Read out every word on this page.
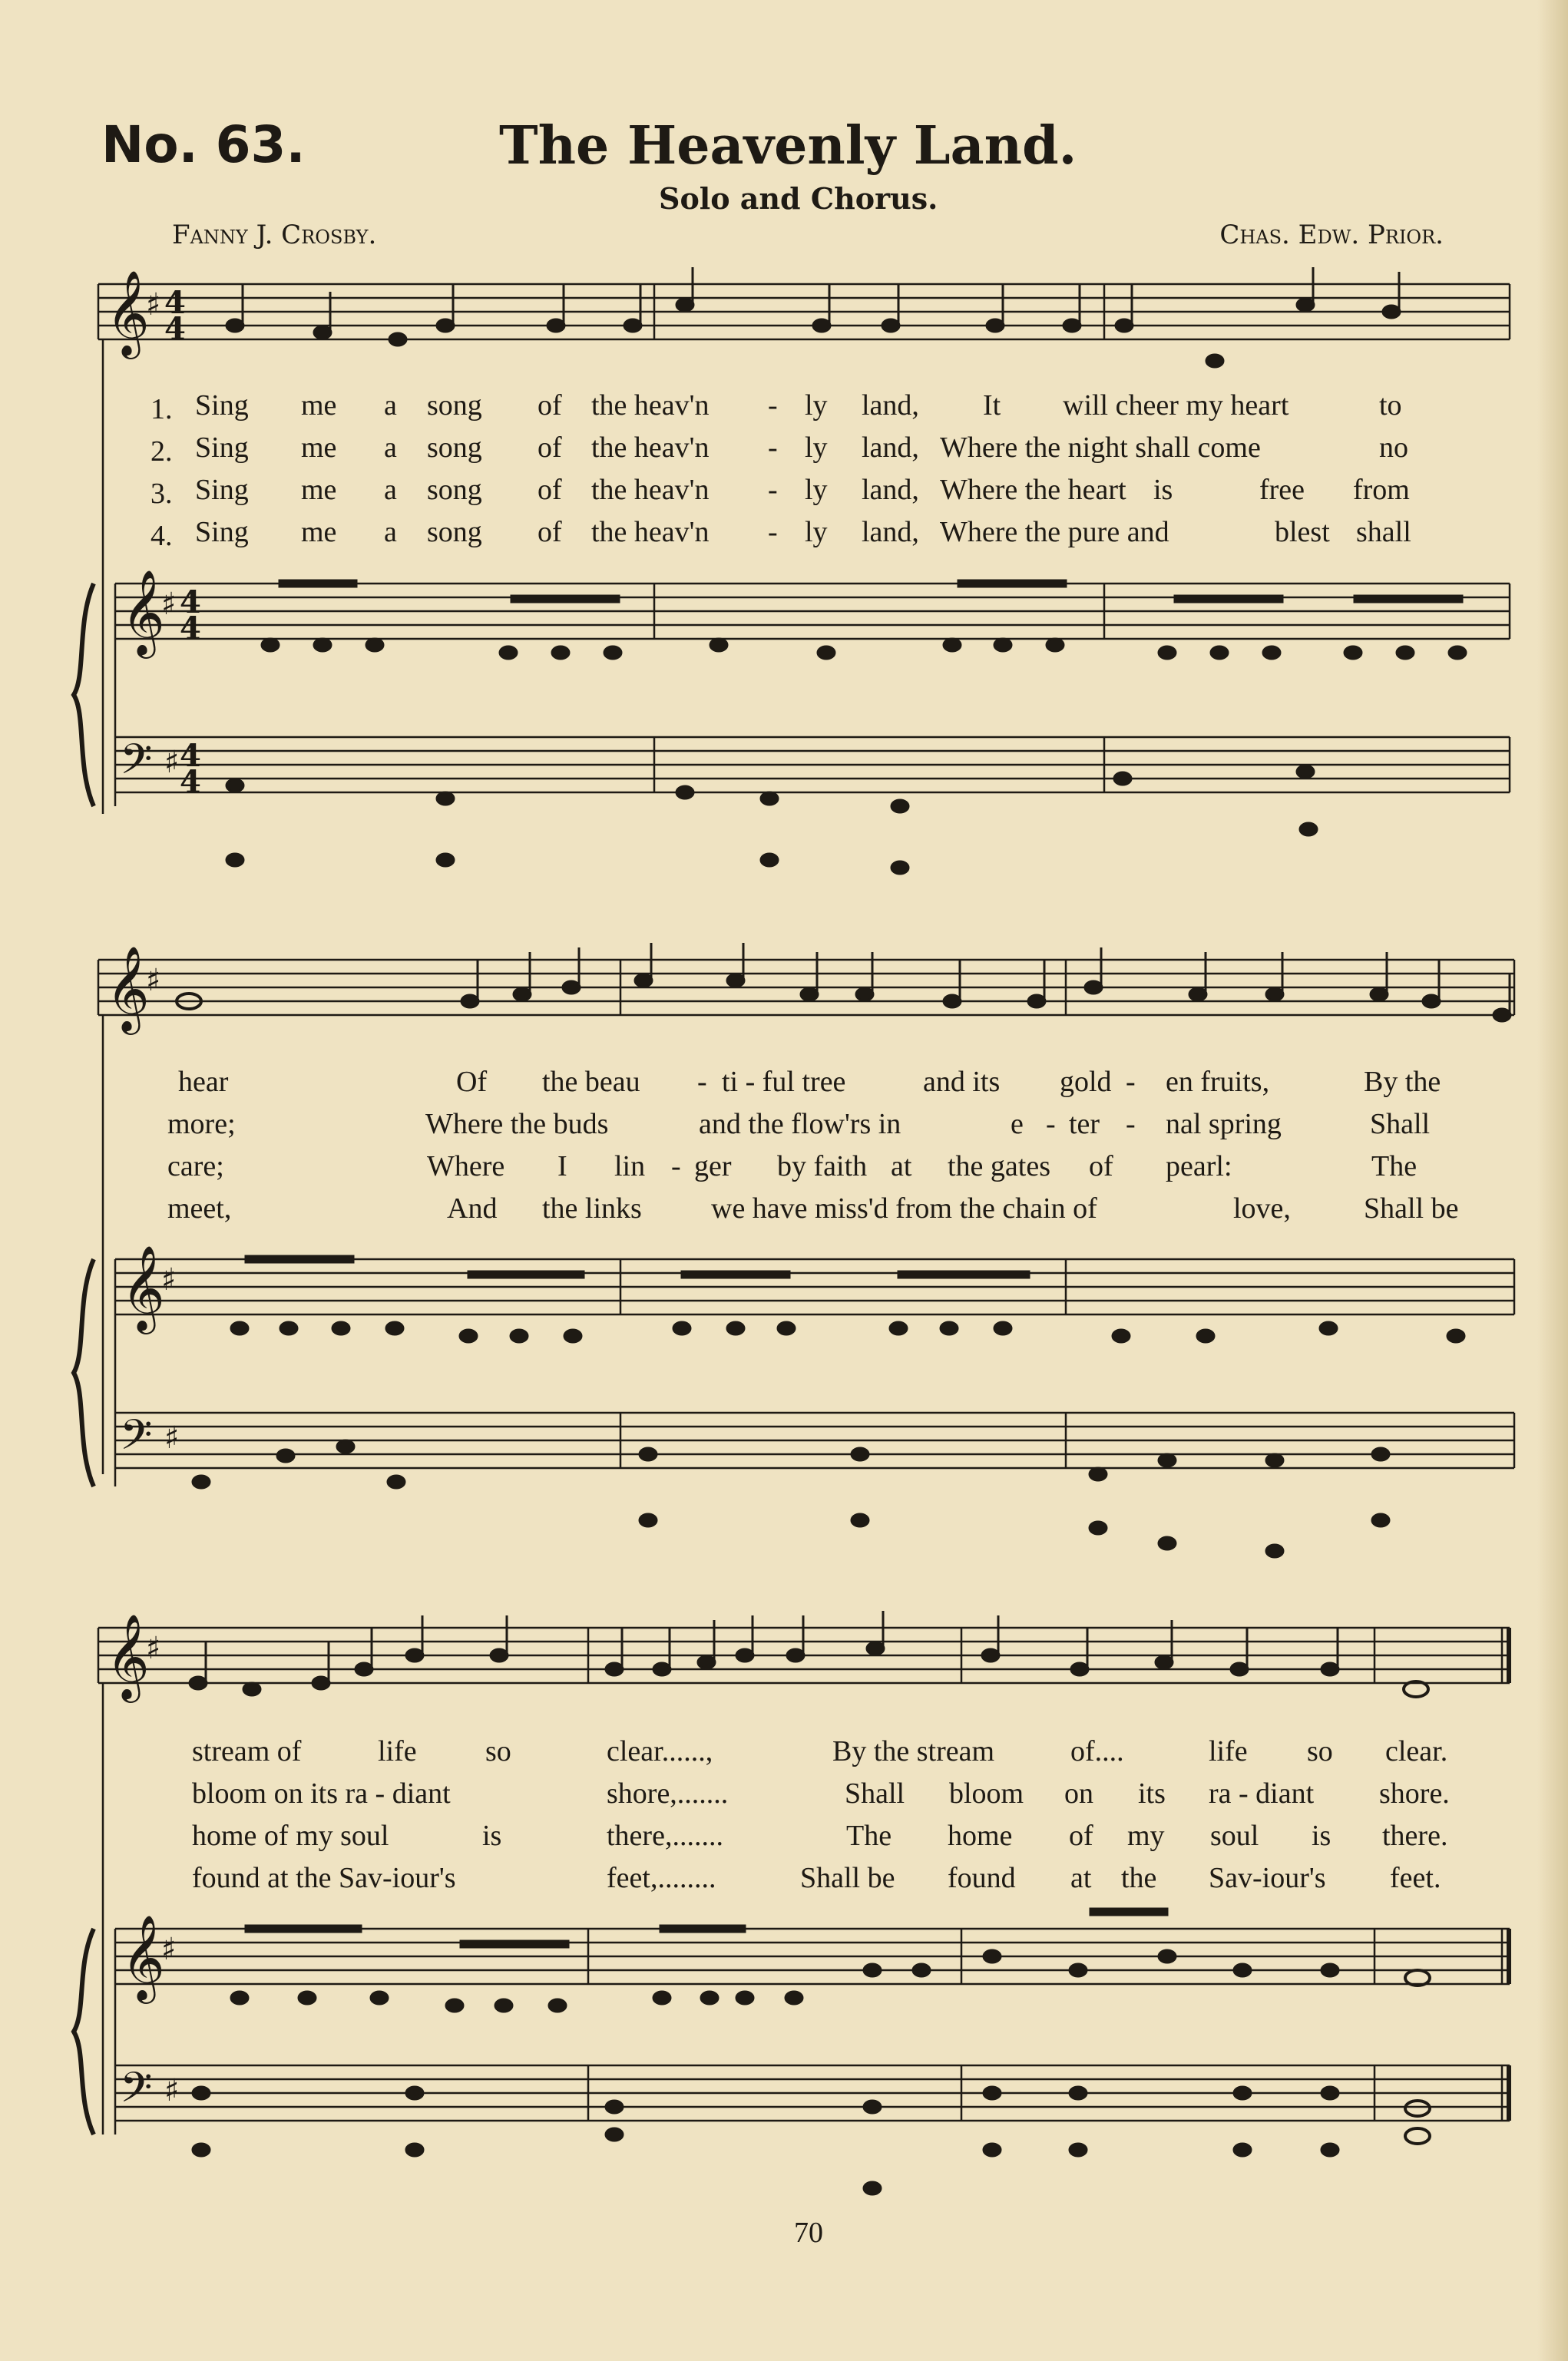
No. 63.	The Heavenly Land.
Solo and Chorus.
Fanny J. Crosby.	Chas. Edw. Prior.
𝄞
♯ 4
4
𝄞
♯ 4
4
𝄢 ♯ 4
4
1.
2.
3.
4.
Sing me a song of the heav'n - ly land, It will cheer my heart	to
Sing me a song of the heav'n - ly land, Where the night shall come	no
Sing me a song of the heav'n - ly land, Where the heart is	free from
Sing me a song of the heav'n - ly land, Where the pure and	blest shall
𝄞
♯
𝄞
♯
𝄢 ♯
hear	Of the beau - ti - ful tree	and its gold - en fruits,	By the
more;	Where the buds	and the flow'rs in	e - ter - nal spring	Shall
care;	Where I lin - ger by faith at the gates of pearl:	The
meet,	And the links we have miss'd from the chain of	love,	Shall be
𝄞
♯
𝄞
♯
𝄢 ♯
stream of	life so	clear......,	By the stream	of....	life so clear.
bloom on its ra - diant	shore,.......	Shall bloom on its ra - diant shore.
home of my soul	is	there,.......	The home of my soul is there.
found at the Sav-iour's	feet,........	Shall be found at the Sav-iour's feet.
70
